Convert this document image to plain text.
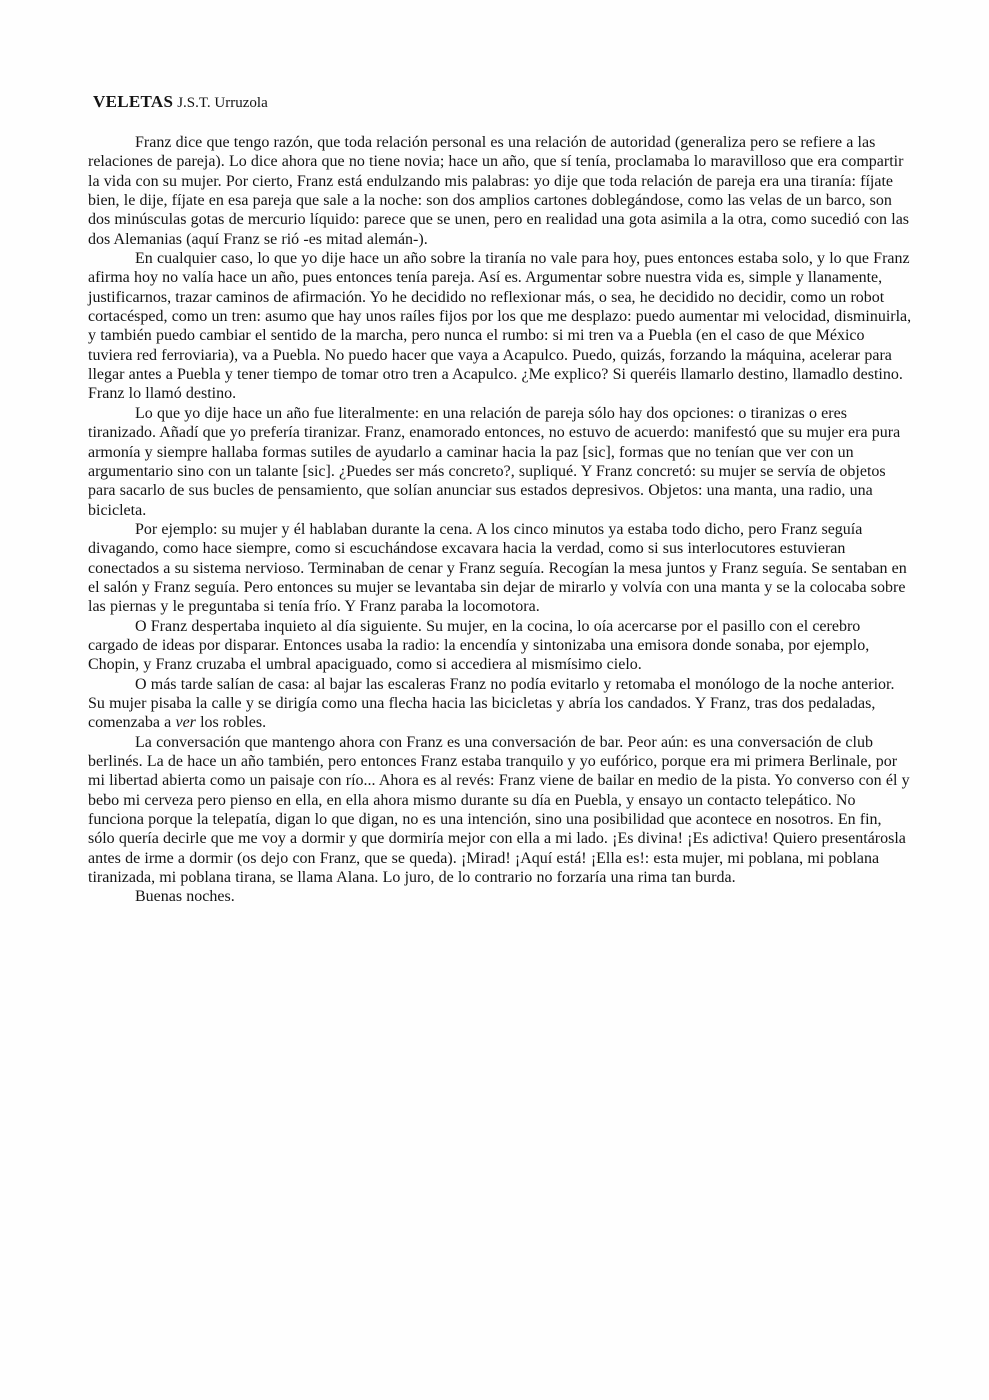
VELETAS J.S.T. Urruzola

Franz dice que tengo razón, que toda relación personal es una relación de autoridad (generaliza pero se refiere a las relaciones de pareja). Lo dice ahora que no tiene novia; hace un año, que sí tenía, proclamaba lo maravilloso que era compartir la vida con su mujer. Por cierto, Franz está endulzando mis palabras: yo dije que toda relación de pareja era una tiranía: fíjate bien, le dije, fíjate en esa pareja que sale a la noche: son dos amplios cartones doblegándose, como las velas de un barco, son dos minúsculas gotas de mercurio líquido: parece que se unen, pero en realidad una gota asimila a la otra, como sucedió con las dos Alemanias (aquí Franz se rió -es mitad alemán-).

En cualquier caso, lo que yo dije hace un año sobre la tiranía no vale para hoy, pues entonces estaba solo, y lo que Franz afirma hoy no valía hace un año, pues entonces tenía pareja. Así es. Argumentar sobre nuestra vida es, simple y llanamente, justificarnos, trazar caminos de afirmación. Yo he decidido no reflexionar más, o sea, he decidido no decidir, como un robot cortacésped, como un tren: asumo que hay unos raíles fijos por los que me desplazo: puedo aumentar mi velocidad, disminuirla, y también puedo cambiar el sentido de la marcha, pero nunca el rumbo: si mi tren va a Puebla (en el caso de que México tuviera red ferroviaria), va a Puebla. No puedo hacer que vaya a Acapulco. Puedo, quizás, forzando la máquina, acelerar para llegar antes a Puebla y tener tiempo de tomar otro tren a Acapulco. ¿Me explico? Si queréis llamarlo destino, llamadlo destino. Franz lo llamó destino.

Lo que yo dije hace un año fue literalmente: en una relación de pareja sólo hay dos opciones: o tiranizas o eres tiranizado. Añadí que yo prefería tiranizar. Franz, enamorado entonces, no estuvo de acuerdo: manifestó que su mujer era pura armonía y siempre hallaba formas sutiles de ayudarlo a caminar hacia la paz [sic], formas que no tenían que ver con un argumentario sino con un talante [sic]. ¿Puedes ser más concreto?, supliqué. Y Franz concretó: su mujer se servía de objetos para sacarlo de sus bucles de pensamiento, que solían anunciar sus estados depresivos. Objetos: una manta, una radio, una bicicleta.

Por ejemplo: su mujer y él hablaban durante la cena. A los cinco minutos ya estaba todo dicho, pero Franz seguía divagando, como hace siempre, como si escuchándose excavara hacia la verdad, como si sus interlocutores estuvieran conectados a su sistema nervioso. Terminaban de cenar y Franz seguía. Recogían la mesa juntos y Franz seguía. Se sentaban en el salón y Franz seguía. Pero entonces su mujer se levantaba sin dejar de mirarlo y volvía con una manta y se la colocaba sobre las piernas y le preguntaba si tenía frío. Y Franz paraba la locomotora.

O Franz despertaba inquieto al día siguiente. Su mujer, en la cocina, lo oía acercarse por el pasillo con el cerebro cargado de ideas por disparar. Entonces usaba la radio: la encendía y sintonizaba una emisora donde sonaba, por ejemplo, Chopin, y Franz cruzaba el umbral apaciguado, como si accediera al mismísimo cielo.

O más tarde salían de casa: al bajar las escaleras Franz no podía evitarlo y retomaba el monólogo de la noche anterior. Su mujer pisaba la calle y se dirigía como una flecha hacia las bicicletas y abría los candados. Y Franz, tras dos pedaladas, comenzaba a ver los robles.

La conversación que mantengo ahora con Franz es una conversación de bar. Peor aún: es una conversación de club berlinés. La de hace un año también, pero entonces Franz estaba tranquilo y yo eufórico, porque era mi primera Berlinale, por mi libertad abierta como un paisaje con río... Ahora es al revés: Franz viene de bailar en medio de la pista. Yo converso con él y bebo mi cerveza pero pienso en ella, en ella ahora mismo durante su día en Puebla, y ensayo un contacto telepático. No funciona porque la telepatía, digan lo que digan, no es una intención, sino una posibilidad que acontece en nosotros. En fin, sólo quería decirle que me voy a dormir y que dormiría mejor con ella a mi lado. ¡Es divina! ¡Es adictiva! Quiero presentárosla antes de irme a dormir (os dejo con Franz, que se queda). ¡Mirad! ¡Aquí está! ¡Ella es!: esta mujer, mi poblana, mi poblana tiranizada, mi poblana tirana, se llama Alana. Lo juro, de lo contrario no forzaría una rima tan burda.

Buenas noches.
